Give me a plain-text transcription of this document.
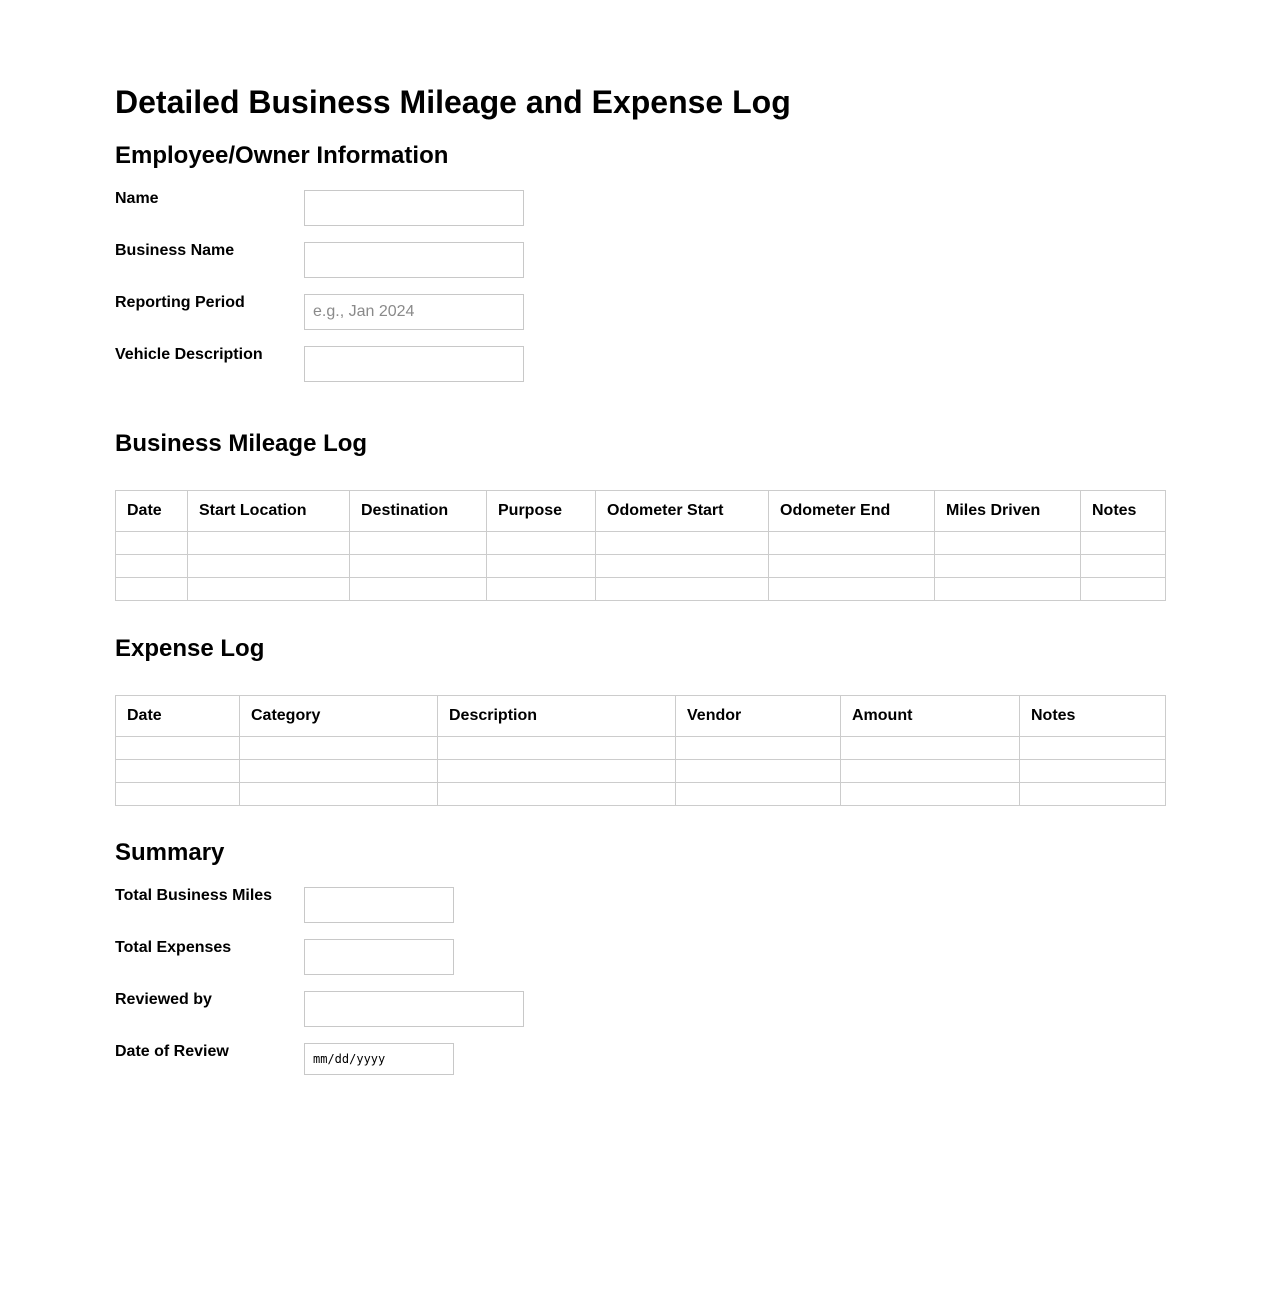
Detailed Business Mileage and Expense Log
Employee/Owner Information
Name
Business Name
Reporting Period
e.g., Jan 2024
Vehicle Description
Business Mileage Log
Date	Start Location	Destination	Purpose	Odometer Start	Odometer End	Miles Driven	Notes

Expense Log
Date	Category	Description	Vendor	Amount	Notes

Summary
Total Business Miles
Total Expenses
Reviewed by
Date of Review	mm/dd/yyyy
